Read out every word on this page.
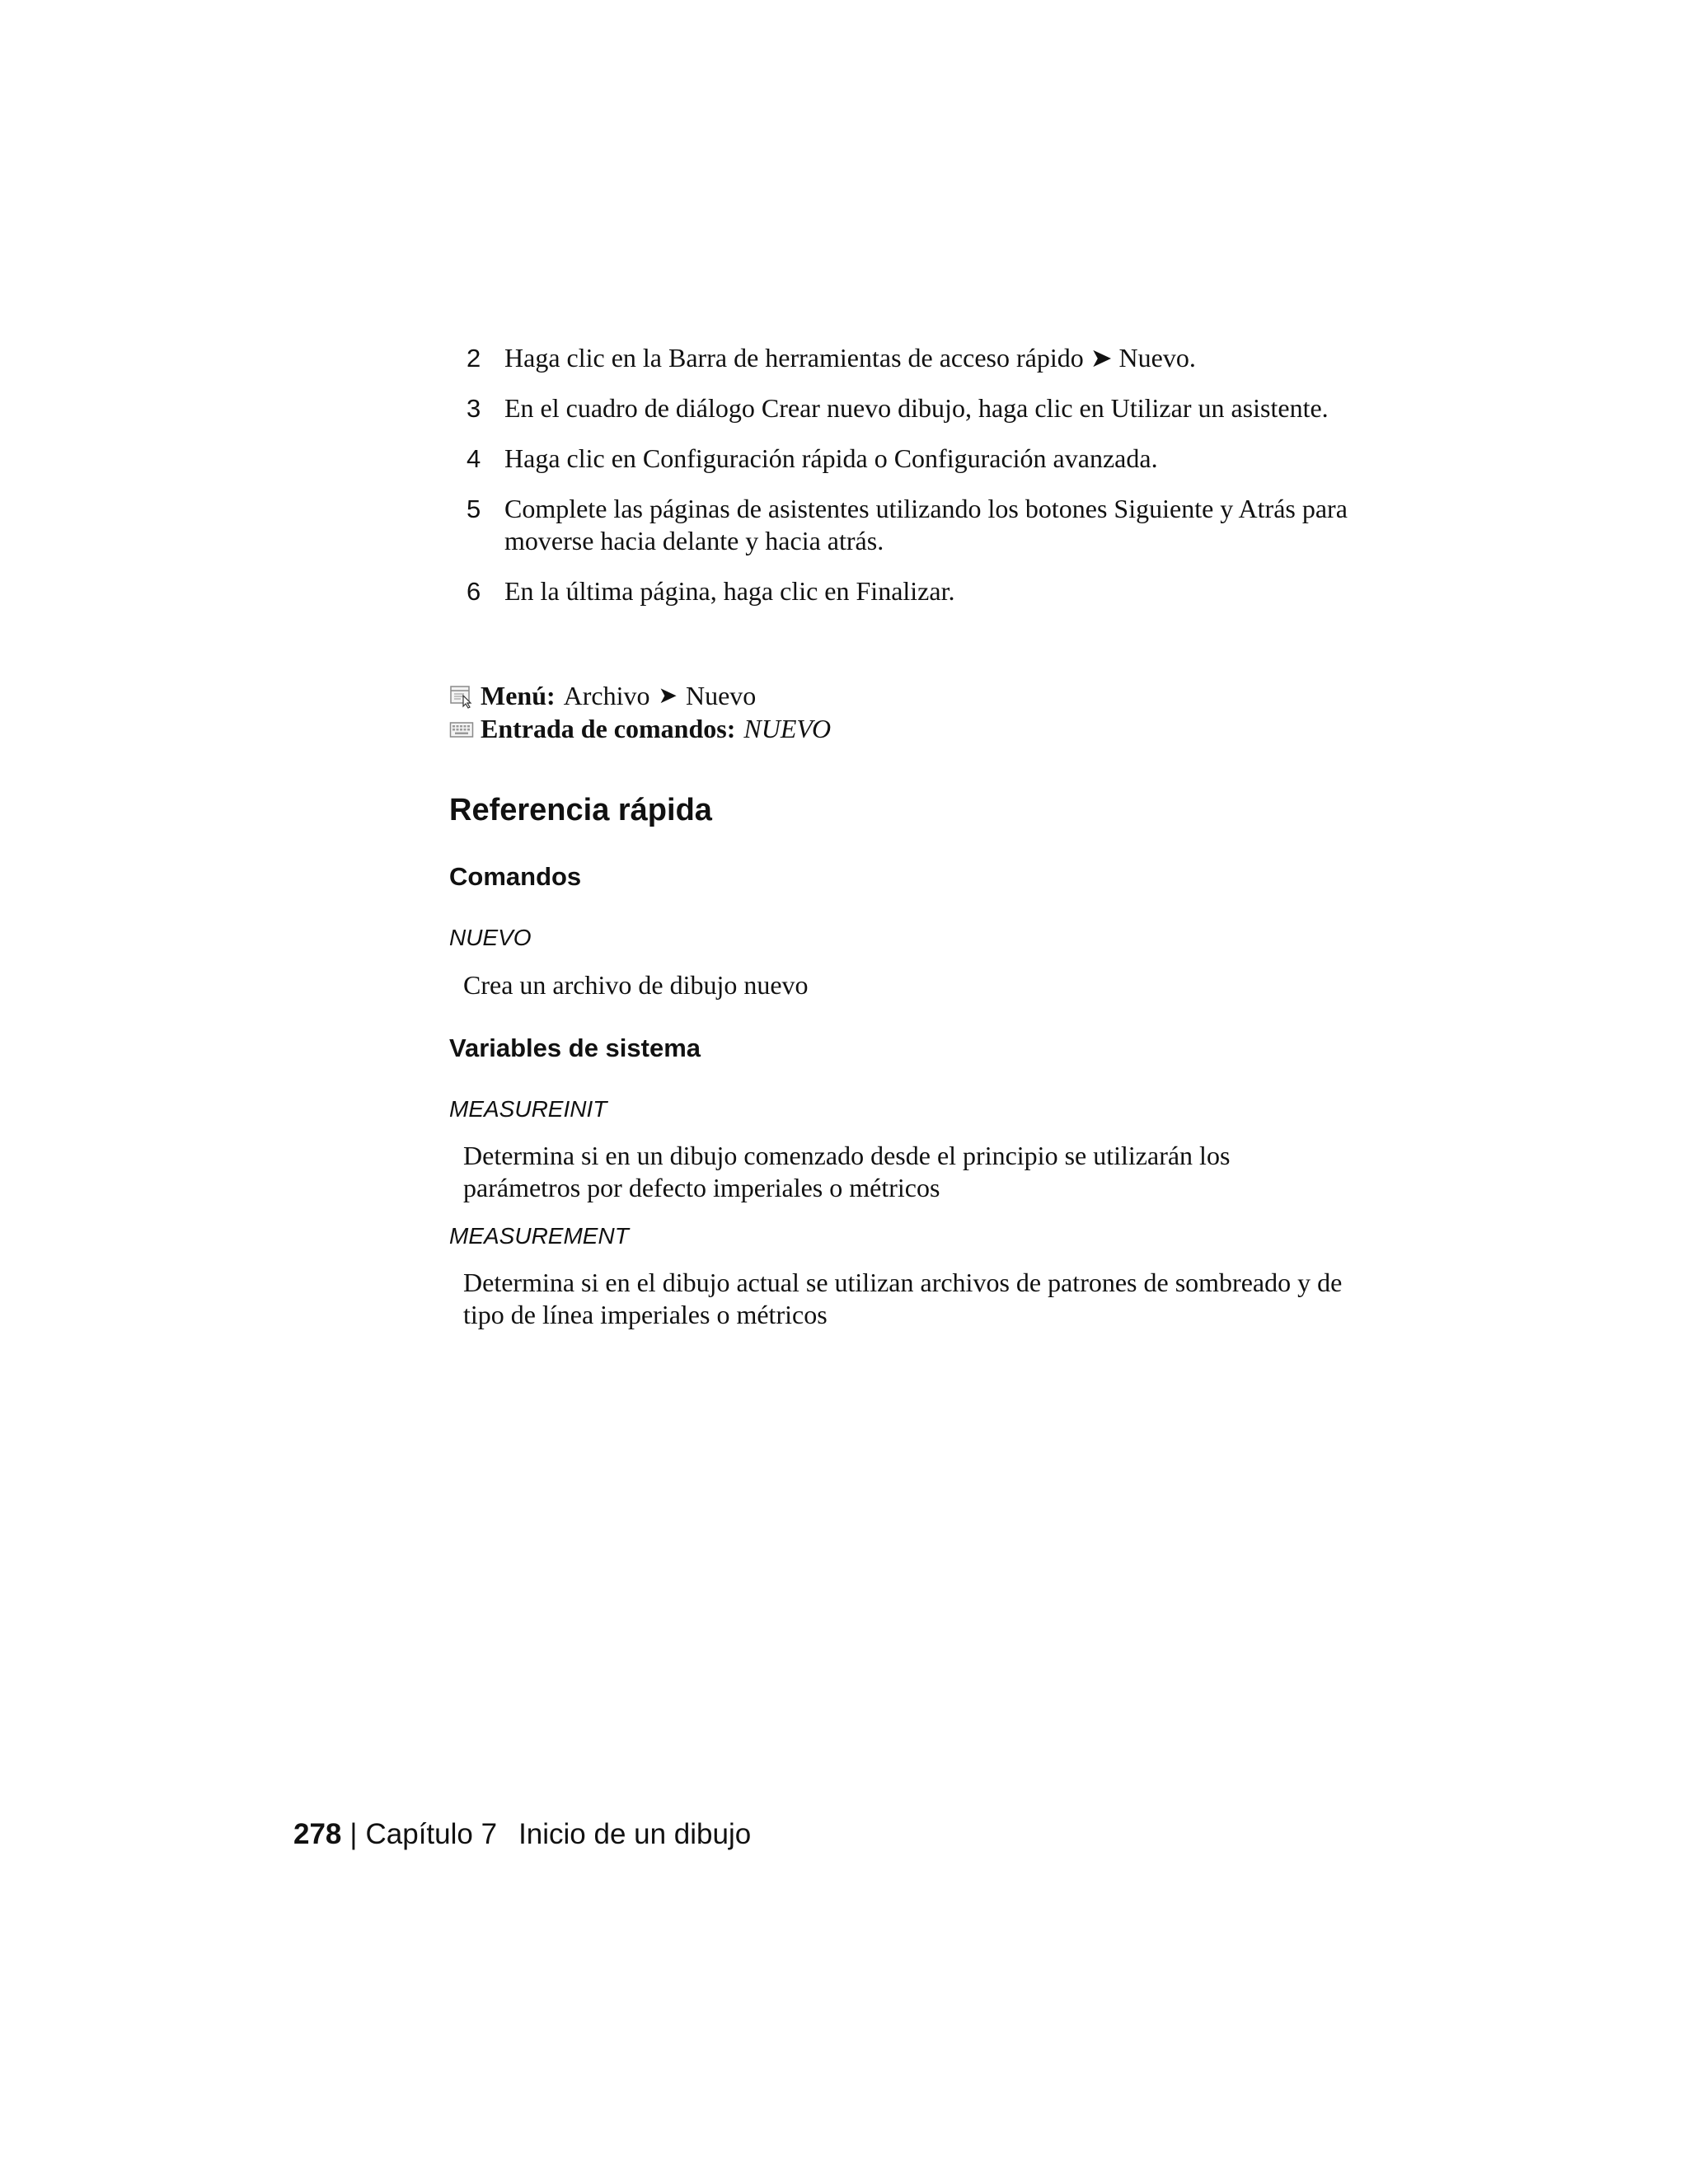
2 Haga clic en la Barra de herramientas de acceso rápido ➤ Nuevo.
3 En el cuadro de diálogo Crear nuevo dibujo, haga clic en Utilizar un asistente.
4 Haga clic en Configuración rápida o Configuración avanzada.
5 Complete las páginas de asistentes utilizando los botones Siguiente y Atrás para moverse hacia delante y hacia atrás.
6 En la última página, haga clic en Finalizar.
Menú: Archivo ➤ Nuevo
Entrada de comandos: NUEVO
Referencia rápida
Comandos
NUEVO
Crea un archivo de dibujo nuevo
Variables de sistema
MEASUREINIT
Determina si en un dibujo comenzado desde el principio se utilizarán los parámetros por defecto imperiales o métricos
MEASUREMENT
Determina si en el dibujo actual se utilizan archivos de patrones de sombreado y de tipo de línea imperiales o métricos
278 | Capítulo 7 Inicio de un dibujo
